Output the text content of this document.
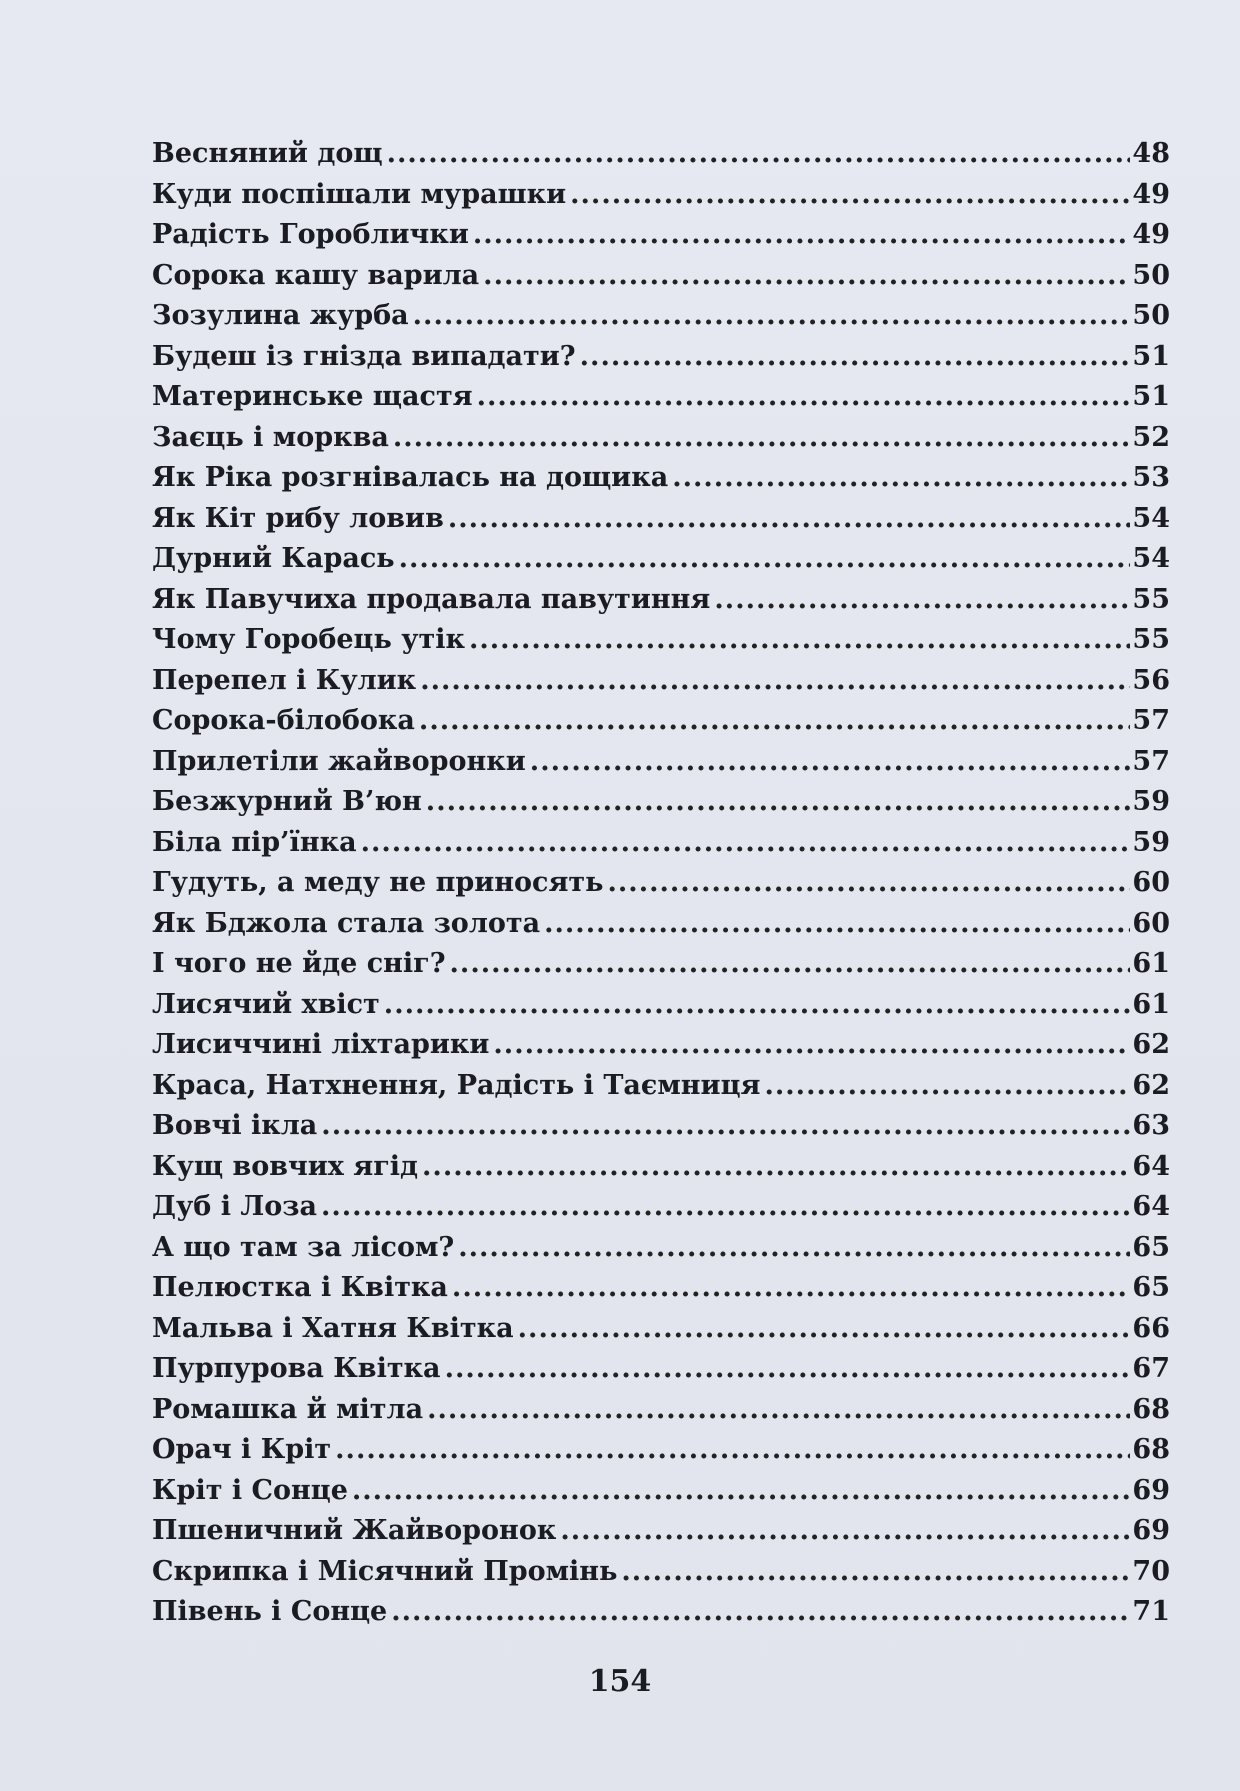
Весняний дощ .....	48
Куди поспішали мурашки .....	49
Радість Гороблички .....	49
Сорока кашу варила .....	50
Зозулина журба .....	50
Будеш із гнізда випадати? .....	51
Материнське щастя .....	51
Заєць і морква .....	52
Як Ріка розгнівалась на дощика .....	53
Як Кіт рибу ловив .....	54
Дурний Карась .....	54
Як Павучиха продавала павутиння .....	55
Чому Горобець утік .....	55
Перепел і Кулик .....	56
Сорока-білобока .....	57
Прилетіли жайворонки .....	57
Безжурний В’юн .....	59
Біла пір’їнка .....	59
Гудуть, а меду не приносять .....	60
Як Бджола стала золота .....	60
І чого не йде сніг? .....	61
Лисячий хвіст .....	61
Лисиччині ліхтарики .....	62
Краса, Натхнення, Радість і Таємниця .....	62
Вовчі ікла .....	63
Кущ вовчих ягід .....	64
Дуб і Лоза .....	64
А що там за лісом? .....	65
Пелюстка і Квітка .....	65
Мальва і Хатня Квітка .....	66
Пурпурова Квітка .....	67
Ромашка й мітла .....	68
Орач і Кріт .....	68
Кріт і Сонце .....	69
Пшеничний Жайворонок .....	69
Скрипка і Місячний Промінь .....	70
Півень і Сонце .....	71
154
